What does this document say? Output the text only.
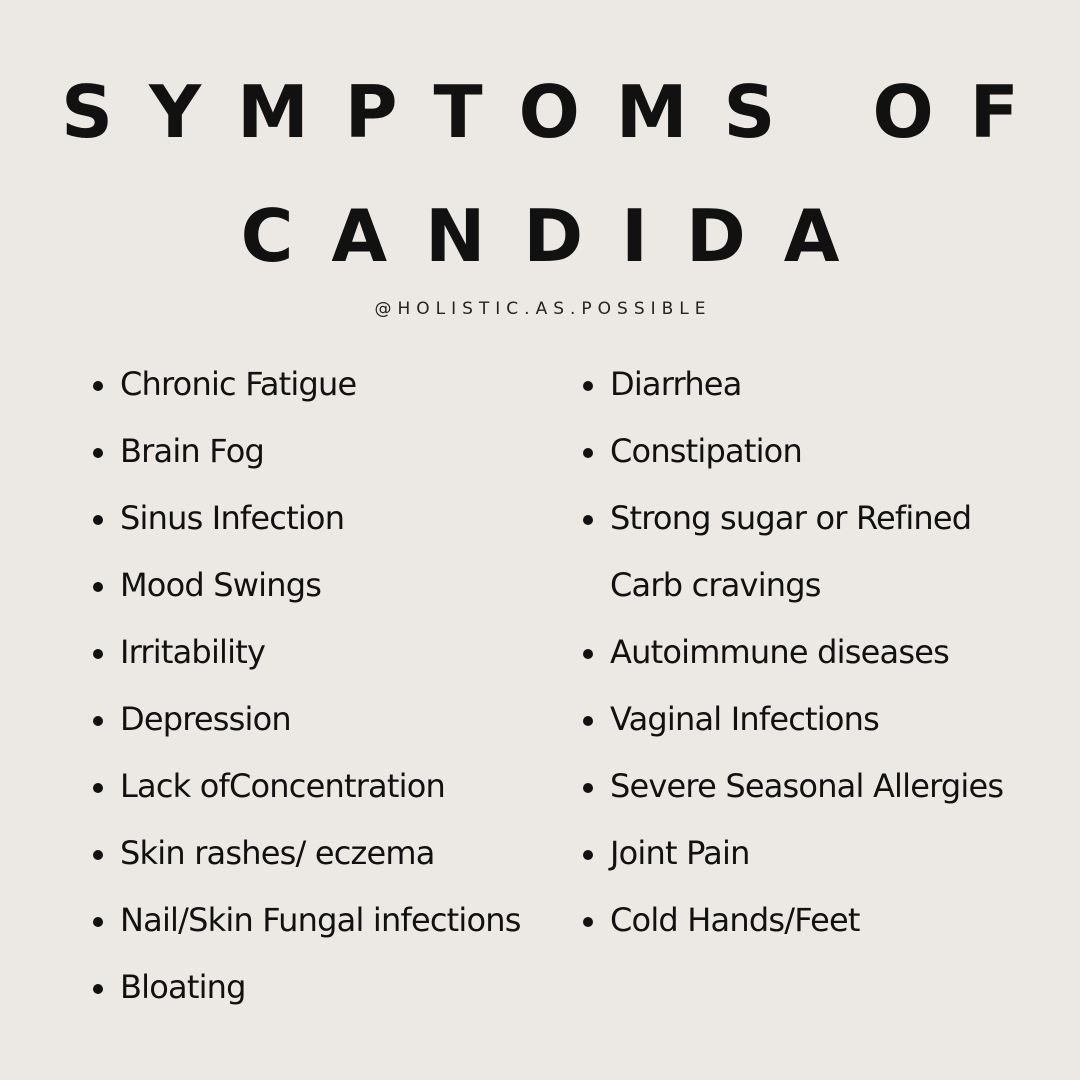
SYMPTOMS OF
CANDIDA
@HOLISTIC.AS.POSSIBLE
Chronic Fatigue
Brain Fog
Sinus Infection
Mood Swings
Irritability
Depression
Lack ofConcentration
Skin rashes/ eczema
Nail/Skin Fungal infections
Bloating
Diarrhea
Constipation
Strong sugar or Refined
Carb cravings
Autoimmune diseases
Vaginal Infections
Severe Seasonal Allergies
Joint Pain
Cold Hands/Feet
